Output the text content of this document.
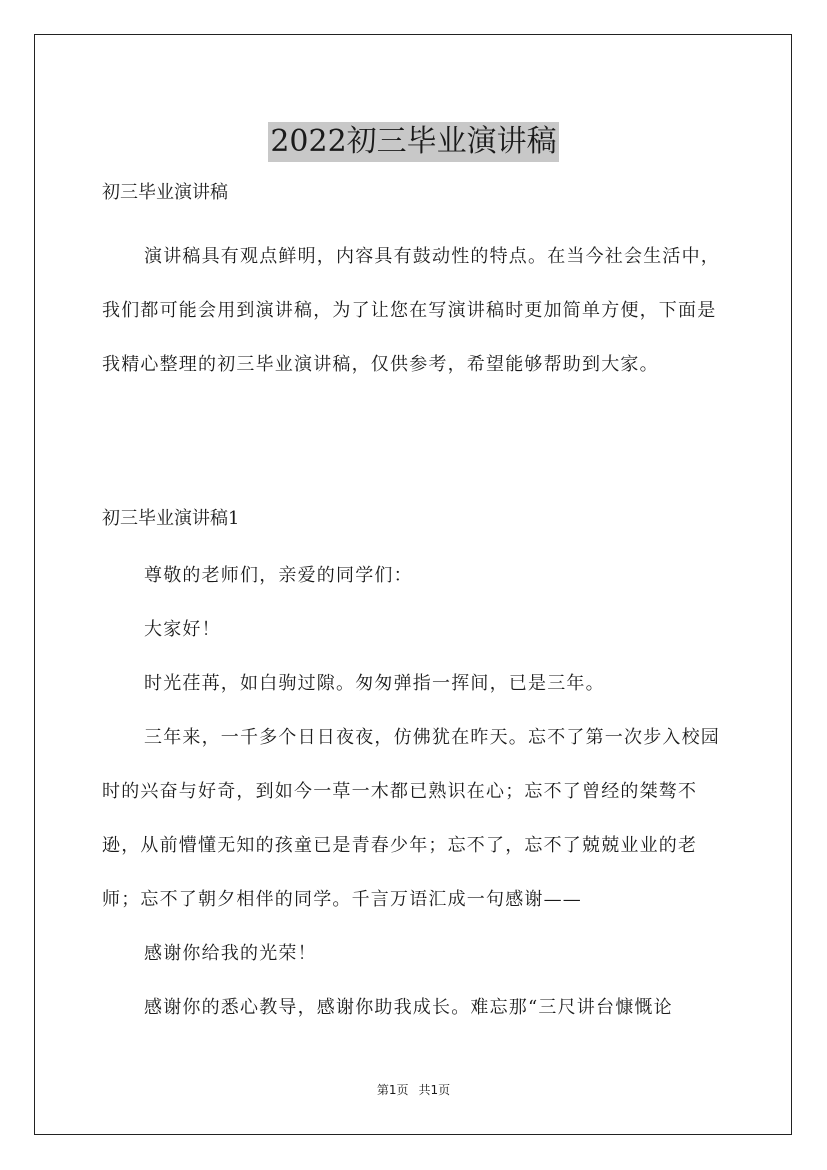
2022初三毕业演讲稿

初三毕业演讲稿

演讲稿具有观点鲜明，内容具有鼓动性的特点。在当今社会生活中，我们都可能会用到演讲稿，为了让您在写演讲稿时更加简单方便，下面是我精心整理的初三毕业演讲稿，仅供参考，希望能够帮助到大家。

初三毕业演讲稿1

尊敬的老师们，亲爱的同学们：

大家好！

时光荏苒，如白驹过隙。匆匆弹指一挥间，已是三年。

三年来，一千多个日日夜夜，仿佛犹在昨天。忘不了第一次步入校园时的兴奋与好奇，到如今一草一木都已熟识在心；忘不了曾经的桀骜不逊，从前懵懂无知的孩童已是青春少年；忘不了，忘不了兢兢业业的老师；忘不了朝夕相伴的同学。千言万语汇成一句感谢——

感谢你给我的光荣！

感谢你的悉心教导，感谢你助我成长。难忘那“三尺讲台慷慨论

第1页 共1页
